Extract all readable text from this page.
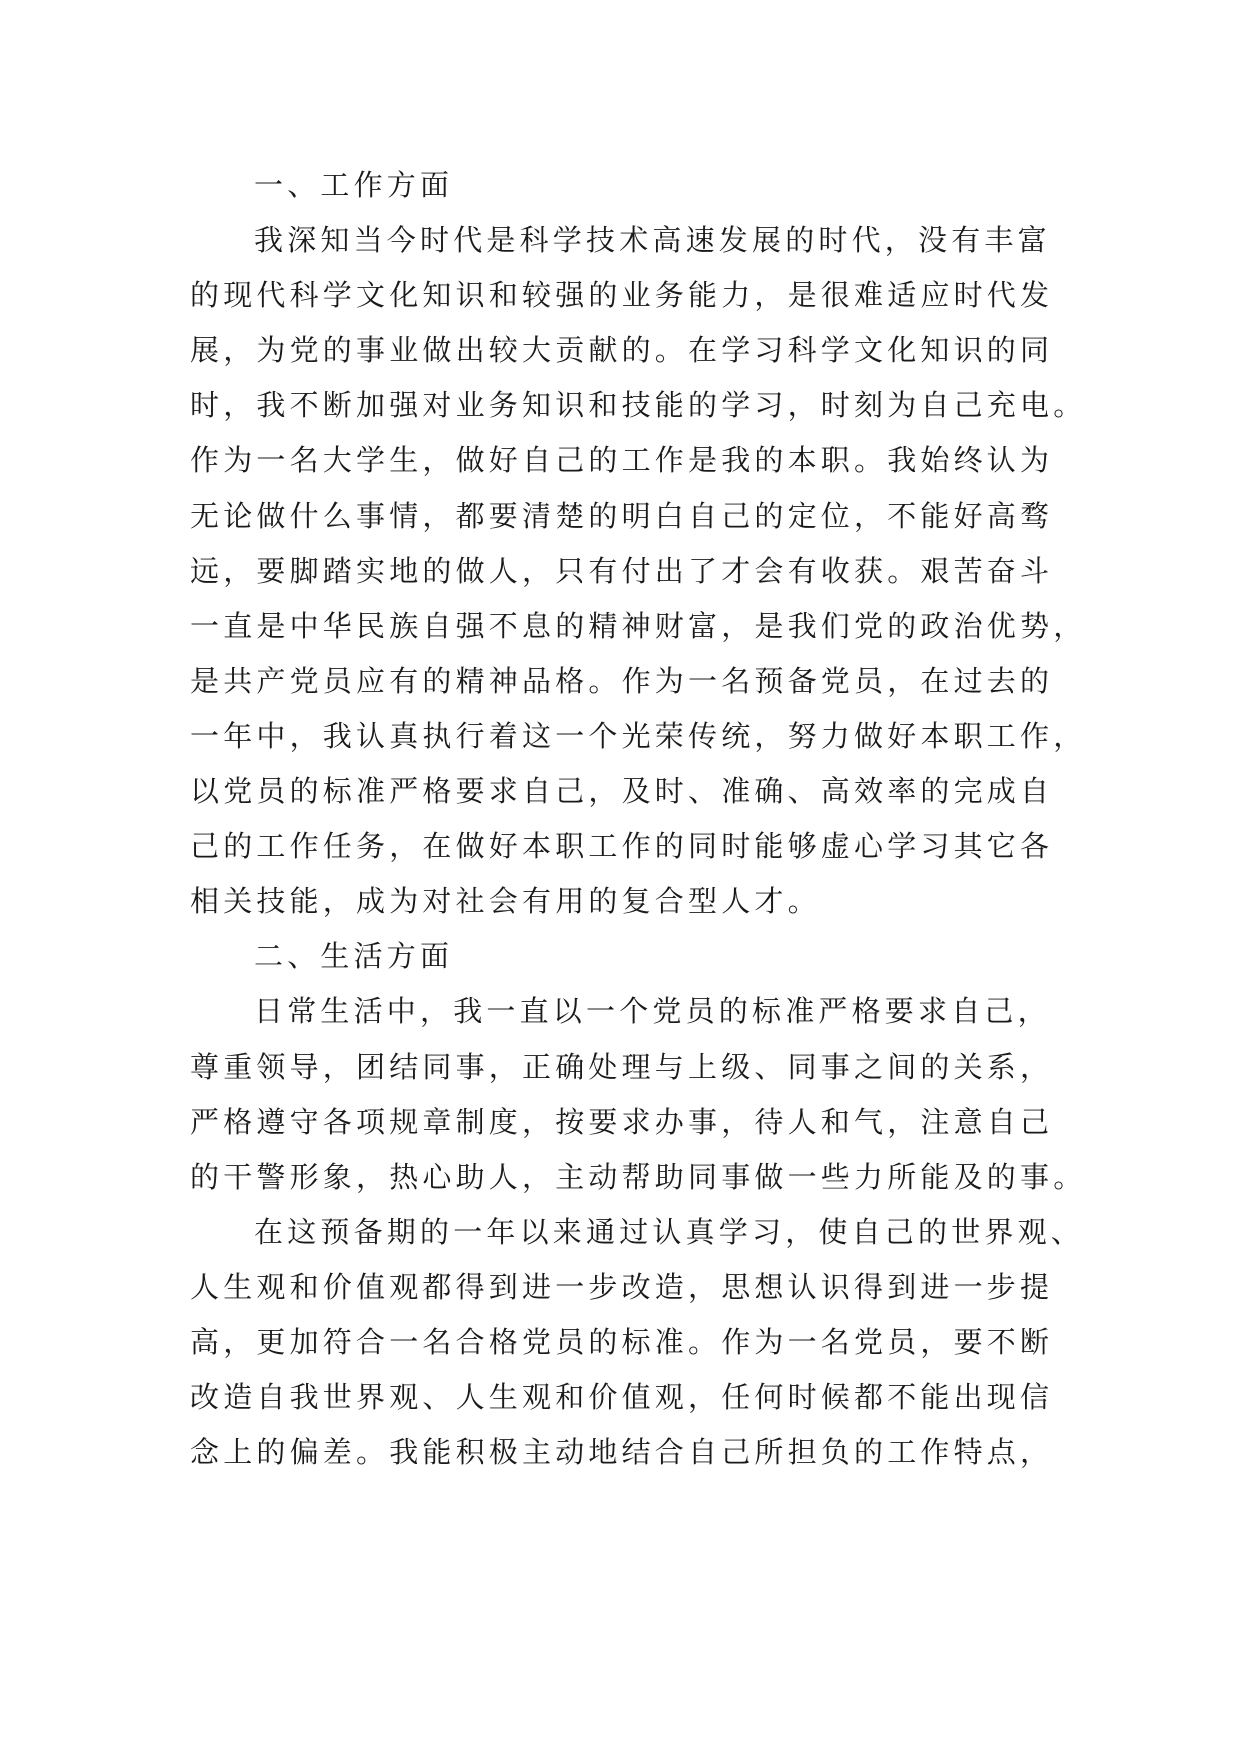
一、工作方面
我深知当今时代是科学技术高速发展的时代，没有丰富
的现代科学文化知识和较强的业务能力，是很难适应时代发
展，为党的事业做出较大贡献的。在学习科学文化知识的同
时，我不断加强对业务知识和技能的学习，时刻为自己充电。
作为一名大学生，做好自己的工作是我的本职。我始终认为
无论做什么事情，都要清楚的明白自己的定位，不能好高骛
远，要脚踏实地的做人，只有付出了才会有收获。艰苦奋斗
一直是中华民族自强不息的精神财富，是我们党的政治优势，
是共产党员应有的精神品格。作为一名预备党员，在过去的
一年中，我认真执行着这一个光荣传统，努力做好本职工作，
以党员的标准严格要求自己，及时、准确、高效率的完成自
己的工作任务，在做好本职工作的同时能够虚心学习其它各
相关技能，成为对社会有用的复合型人才。
二、生活方面
日常生活中，我一直以一个党员的标准严格要求自己，
尊重领导，团结同事，正确处理与上级、同事之间的关系，
严格遵守各项规章制度，按要求办事，待人和气，注意自己
的干警形象，热心助人，主动帮助同事做一些力所能及的事。
在这预备期的一年以来通过认真学习，使自己的世界观、
人生观和价值观都得到进一步改造，思想认识得到进一步提
高，更加符合一名合格党员的标准。作为一名党员，要不断
改造自我世界观、人生观和价值观，任何时候都不能出现信
念上的偏差。我能积极主动地结合自己所担负的工作特点，
